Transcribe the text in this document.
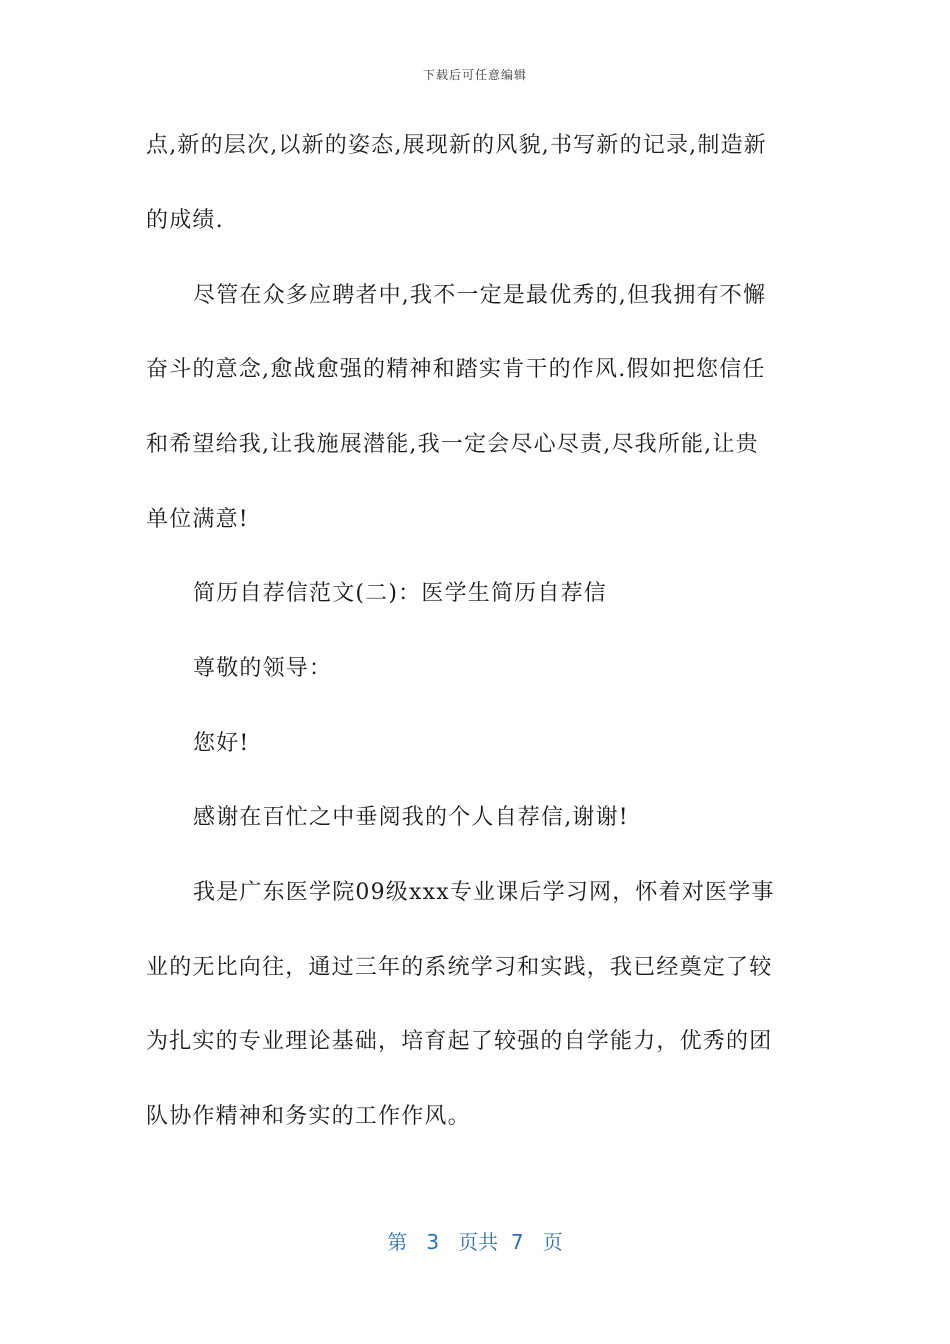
下载后可任意编辑
点,新的层次,以新的姿态,展现新的风貌,书写新的记录,制造新
的成绩.
尽管在众多应聘者中,我不一定是最优秀的,但我拥有不懈
奋斗的意念,愈战愈强的精神和踏实肯干的作风.假如把您信任
和希望给我,让我施展潜能,我一定会尽心尽责,尽我所能,让贵
单位满意!
简历自荐信范文(二)：医学生简历自荐信
尊敬的领导：
您好!
感谢在百忙之中垂阅我的个人自荐信,谢谢!
我是广东医学院09级xxx专业课后学习网，怀着对医学事
业的无比向往，通过三年的系统学习和实践，我已经奠定了较
为扎实的专业理论基础，培育起了较强的自学能力，优秀的团
队协作精神和务实的工作作风。
第 3 页共 7 页
